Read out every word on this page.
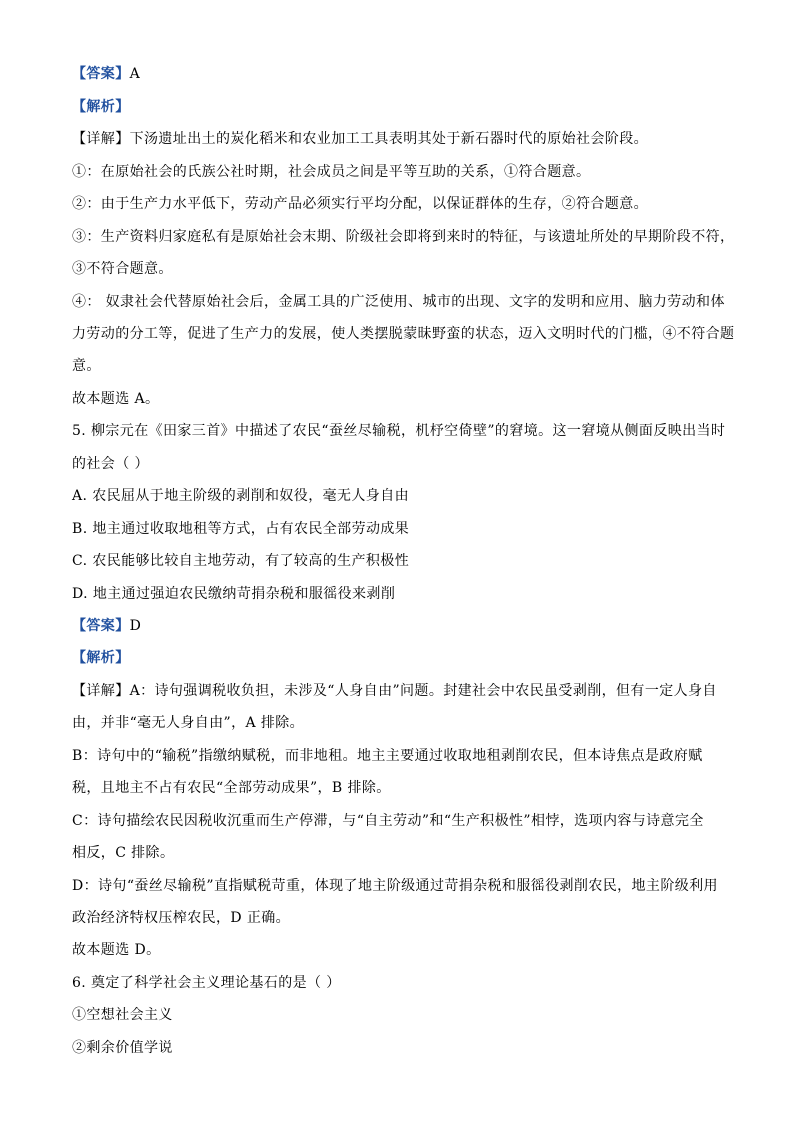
【答案】A
【解析】
【详解】下汤遗址出土的炭化稻米和农业加工工具表明其处于新石器时代的原始社会阶段。
①：在原始社会的氏族公社时期，社会成员之间是平等互助的关系，①符合题意。
②：由于生产力水平低下，劳动产品必须实行平均分配，以保证群体的生存，②符合题意。
③：生产资料归家庭私有是原始社会末期、阶级社会即将到来时的特征，与该遗址所处的早期阶段不符，
③不符合题意。
④： 奴隶社会代替原始社会后，金属工具的广泛使用、城市的出现、文字的发明和应用、脑力劳动和体
力劳动的分工等，促进了生产力的发展，使人类摆脱蒙昧野蛮的状态，迈入文明时代的门槛，④不符合题
意。
故本题选 A。
5. 柳宗元在《田家三首》中描述了农民“蚕丝尽输税，机杼空倚壁”的窘境。这一窘境从侧面反映出当时
的社会（ ）
A. 农民屈从于地主阶级的剥削和奴役，毫无人身自由
B. 地主通过收取地租等方式，占有农民全部劳动成果
C. 农民能够比较自主地劳动，有了较高的生产积极性
D. 地主通过强迫农民缴纳苛捐杂税和服徭役来剥削
【答案】D
【解析】
【详解】A：诗句强调税收负担，未涉及“人身自由”问题。封建社会中农民虽受剥削，但有一定人身自
由，并非“毫无人身自由”，A 排除。
B：诗句中的“输税”指缴纳赋税，而非地租。地主主要通过收取地租剥削农民，但本诗焦点是政府赋
税，且地主不占有农民“全部劳动成果”，B 排除。
C：诗句描绘农民因税收沉重而生产停滞，与“自主劳动”和“生产积极性”相悖，选项内容与诗意完全
相反，C 排除。
D：诗句“蚕丝尽输税”直指赋税苛重，体现了地主阶级通过苛捐杂税和服徭役剥削农民，地主阶级利用
政治经济特权压榨农民，D 正确。
故本题选 D。
6. 奠定了科学社会主义理论基石的是（ ）
①空想社会主义
②剩余价值学说
